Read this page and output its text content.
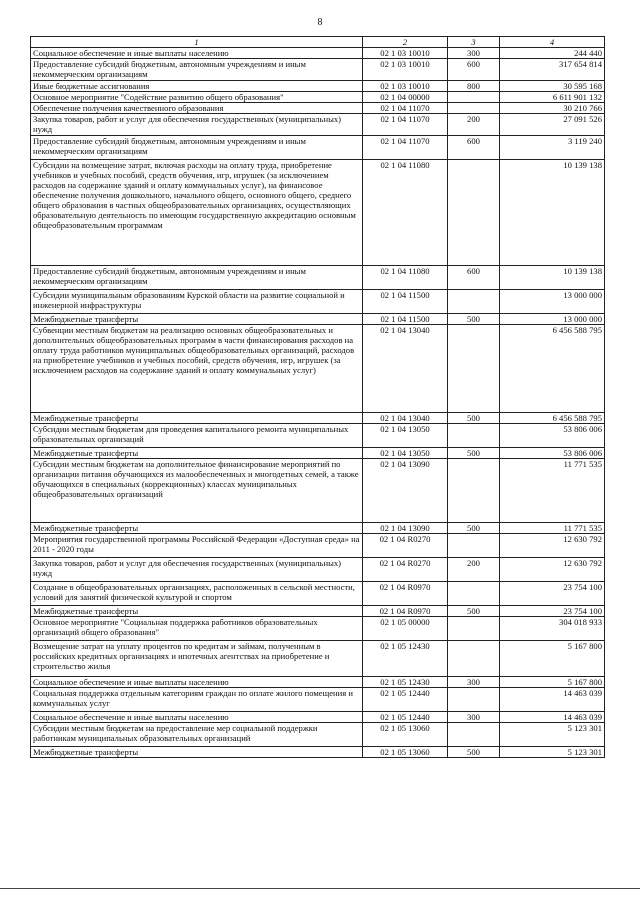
8
1	2	3	4
Социальное обеспечение и иные выплаты населению	02 1 03 10010	300	244 440
Предоставление субсидий бюджетным, автономным учреждениям и иным некоммерческим организациям	02 1 03 10010	600	317 654 814
Иные бюджетные ассигнования	02 1 03 10010	800	30 595 168
Основное мероприятие "Содействие развитию общего образования"	02 1 04 00000		6 611 901 132
Обеспечение получения качественного образования	02 1 04 11070		30 210 766
Закупка товаров, работ и услуг для обеспечения государственных (муниципальных) нужд	02 1 04 11070	200	27 091 526
Предоставление субсидий бюджетным, автономным учреждениям и иным некоммерческим организациям	02 1 04 11070	600	3 119 240
Субсидии на возмещение затрат, включая расходы на оплату труда, приобретение учебников и учебных пособий, средств обучения, игр, игрушек (за исключением расходов на содержание зданий и оплату коммунальных услуг), на финансовое обеспечение получения дошкольного, начального общего, основного общего, среднего общего образования в частных общеобразовательных организациях, осуществляющих образовательную деятельность по имеющим государственную аккредитацию основным общеобразовательным программам	02 1 04 11080		10 139 138
Предоставление субсидий бюджетным, автономным учреждениям и иным некоммерческим организациям	02 1 04 11080	600	10 139 138
Субсидии муниципальным образованиям Курской области на развитие социальной и инженерной инфраструктуры	02 1 04 11500		13 000 000
Межбюджетные трансферты	02 1 04 11500	500	13 000 000
Субвенции местным бюджетам на реализацию основных общеобразовательных и дополнительных общеобразовательных программ в части финансирования расходов на оплату труда работников муниципальных общеобразовательных организаций, расходов на приобретение учебников и учебных пособий, средств обучения, игр, игрушек (за исключением расходов на содержание зданий и оплату коммунальных услуг)	02 1 04 13040		6 456 588 795
Межбюджетные трансферты	02 1 04 13040	500	6 456 588 795
Субсидии местным бюджетам для проведения капитального ремонта муниципальных образовательных организаций	02 1 04 13050		53 806 006
Межбюджетные трансферты	02 1 04 13050	500	53 806 006
Субсидии местным бюджетам на дополнительное финансирование мероприятий по организации питания обучающихся из малообеспеченных и многодетных семей, а также обучающихся в специальных (коррекционных) классах муниципальных общеобразовательных организаций	02 1 04 13090		11 771 535
Межбюджетные трансферты	02 1 04 13090	500	11 771 535
Мероприятия государственной программы Российской Федерации «Доступная среда» на 2011 - 2020 годы	02 1 04 R0270		12 630 792
Закупка товаров, работ и услуг для обеспечения государственных (муниципальных) нужд	02 1 04 R0270	200	12 630 792
Создание в общеобразовательных организациях, расположенных в сельской местности, условий для занятий физической культурой и спортом	02 1 04 R0970		23 754 100
Межбюджетные трансферты	02 1 04 R0970	500	23 754 100
Основное мероприятие "Социальная поддержка работников образовательных организаций общего образования"	02 1 05 00000		304 018 933
Возмещение затрат на уплату процентов по кредитам и займам, полученным в российских кредитных организациях и ипотечных агентствах на приобретение и строительство жилья	02 1 05 12430		5 167 800
Социальное обеспечение и иные выплаты населению	02 1 05 12430	300	5 167 800
Социальная поддержка отдельным категориям граждан по оплате жилого помещения и коммунальных услуг	02 1 05 12440		14 463 039
Социальное обеспечение и иные выплаты населению	02 1 05 12440	300	14 463 039
Субсидии местным бюджетам на предоставление мер социальной поддержки работникам муниципальных образовательных организаций	02 1 05 13060		5 123 301
Межбюджетные трансферты	02 1 05 13060	500	5 123 301
